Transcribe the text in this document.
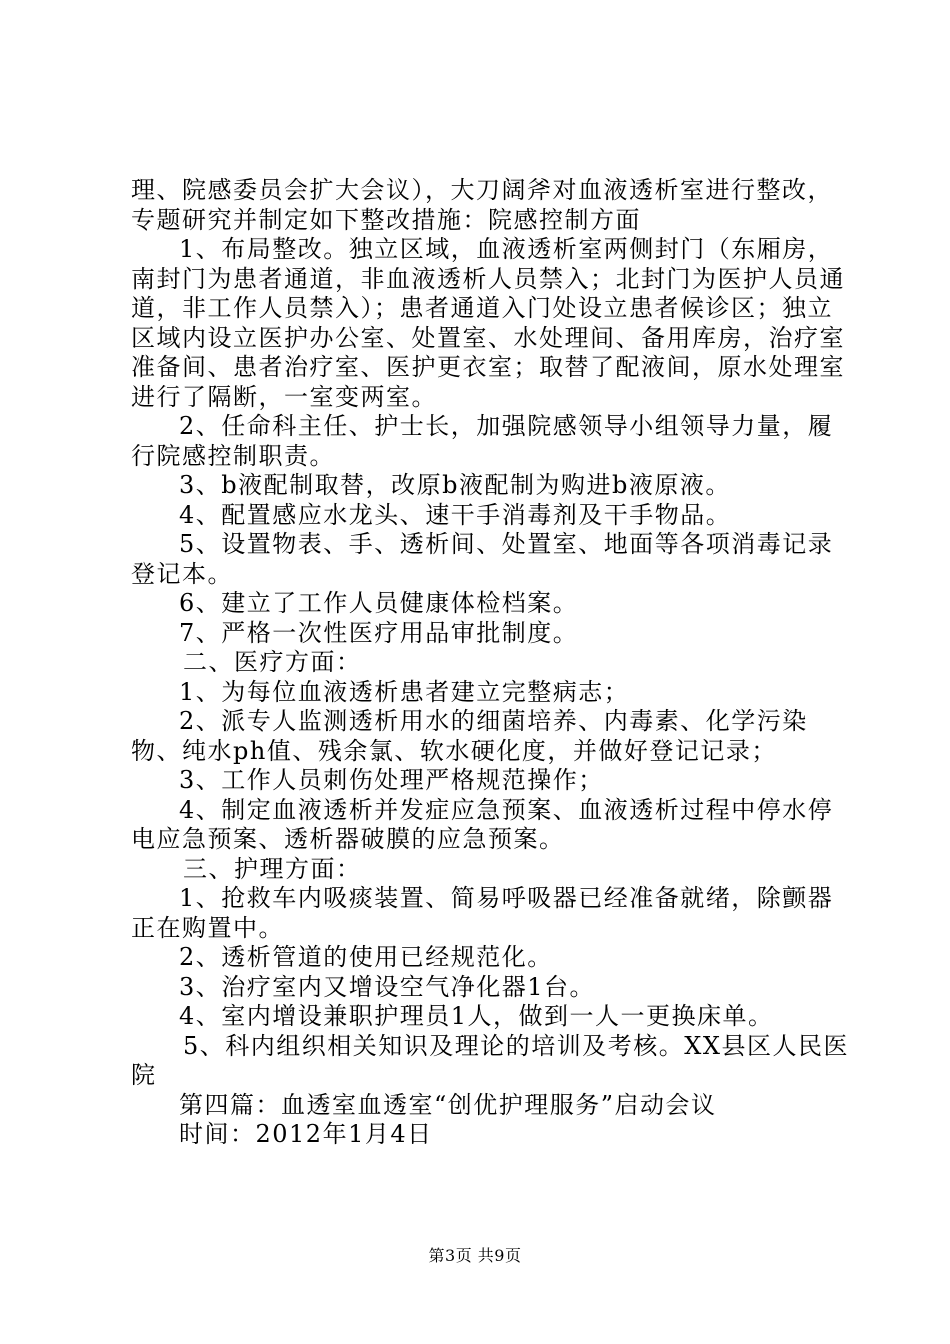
理、院感委员会扩大会议），大刀阔斧对血液透析室进行整改，专题研究并制定如下整改措施：院感控制方面

1、布局整改。独立区域，血液透析室两侧封门（东厢房，南封门为患者通道，非血液透析人员禁入；北封门为医护人员通道，非工作人员禁入）；患者通道入门处设立患者候诊区；独立区域内设立医护办公室、处置室、水处理间、备用库房，治疗室准备间、患者治疗室、医护更衣室；取替了配液间，原水处理室进行了隔断，一室变两室。

2、任命科主任、护士长，加强院感领导小组领导力量，履行院感控制职责。

3、b液配制取替，改原b液配制为购进b液原液。

4、配置感应水龙头、速干手消毒剂及干手物品。

5、设置物表、手、透析间、处置室、地面等各项消毒记录登记本。

6、建立了工作人员健康体检档案。

7、严格一次性医疗用品审批制度。

二、医疗方面：

1、为每位血液透析患者建立完整病志；

2、派专人监测透析用水的细菌培养、内毒素、化学污染物、纯水ph值、残余氯、软水硬化度，并做好登记记录；

3、工作人员刺伤处理严格规范操作；

4、制定血液透析并发症应急预案、血液透析过程中停水停电应急预案、透析器破膜的应急预案。

三、护理方面：

1、抢救车内吸痰装置、简易呼吸器已经准备就绪，除颤器正在购置中。

2、透析管道的使用已经规范化。

3、治疗室内又增设空气净化器1台。

4、室内增设兼职护理员1人，做到一人一更换床单。

5、科内组织相关知识及理论的培训及考核。XX县区人民医院

第四篇：血透室血透室“创优护理服务”启动会议

时间：2012年1月4日

第3页 共9页
